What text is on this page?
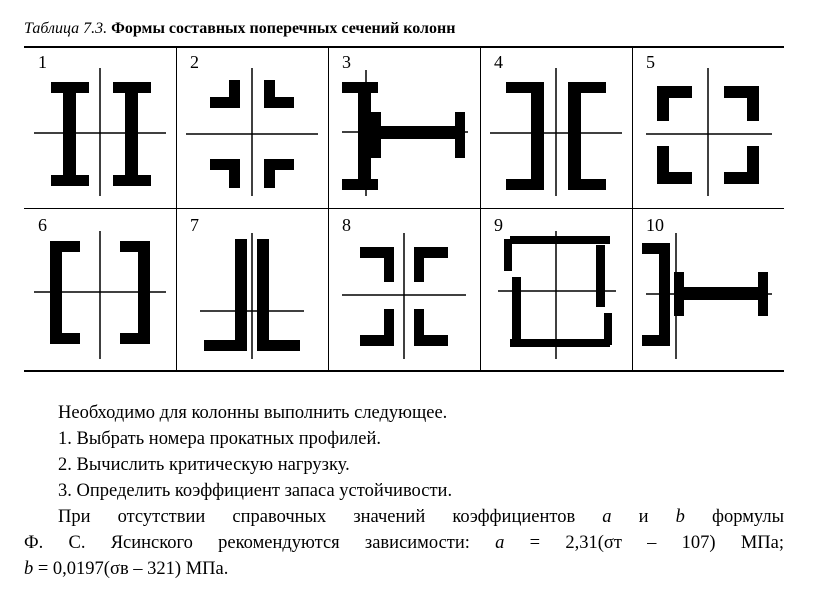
Таблица 7.3. Формы составных поперечных сечений колонн
1	2	3	4	5
6	7	8	9	10

Необходимо для колонны выполнить следующее.

1. Выбрать номера прокатных профилей.

2. Вычислить критическую нагрузку.

3. Определить коэффициент запаса устойчивости.

При отсутствии справочных значений коэффициентов a и b формулы

Ф. С. Ясинского рекомендуются зависимости: a = 2,31(σт – 107) МПа;

b = 0,0197(σв – 321) МПа.
